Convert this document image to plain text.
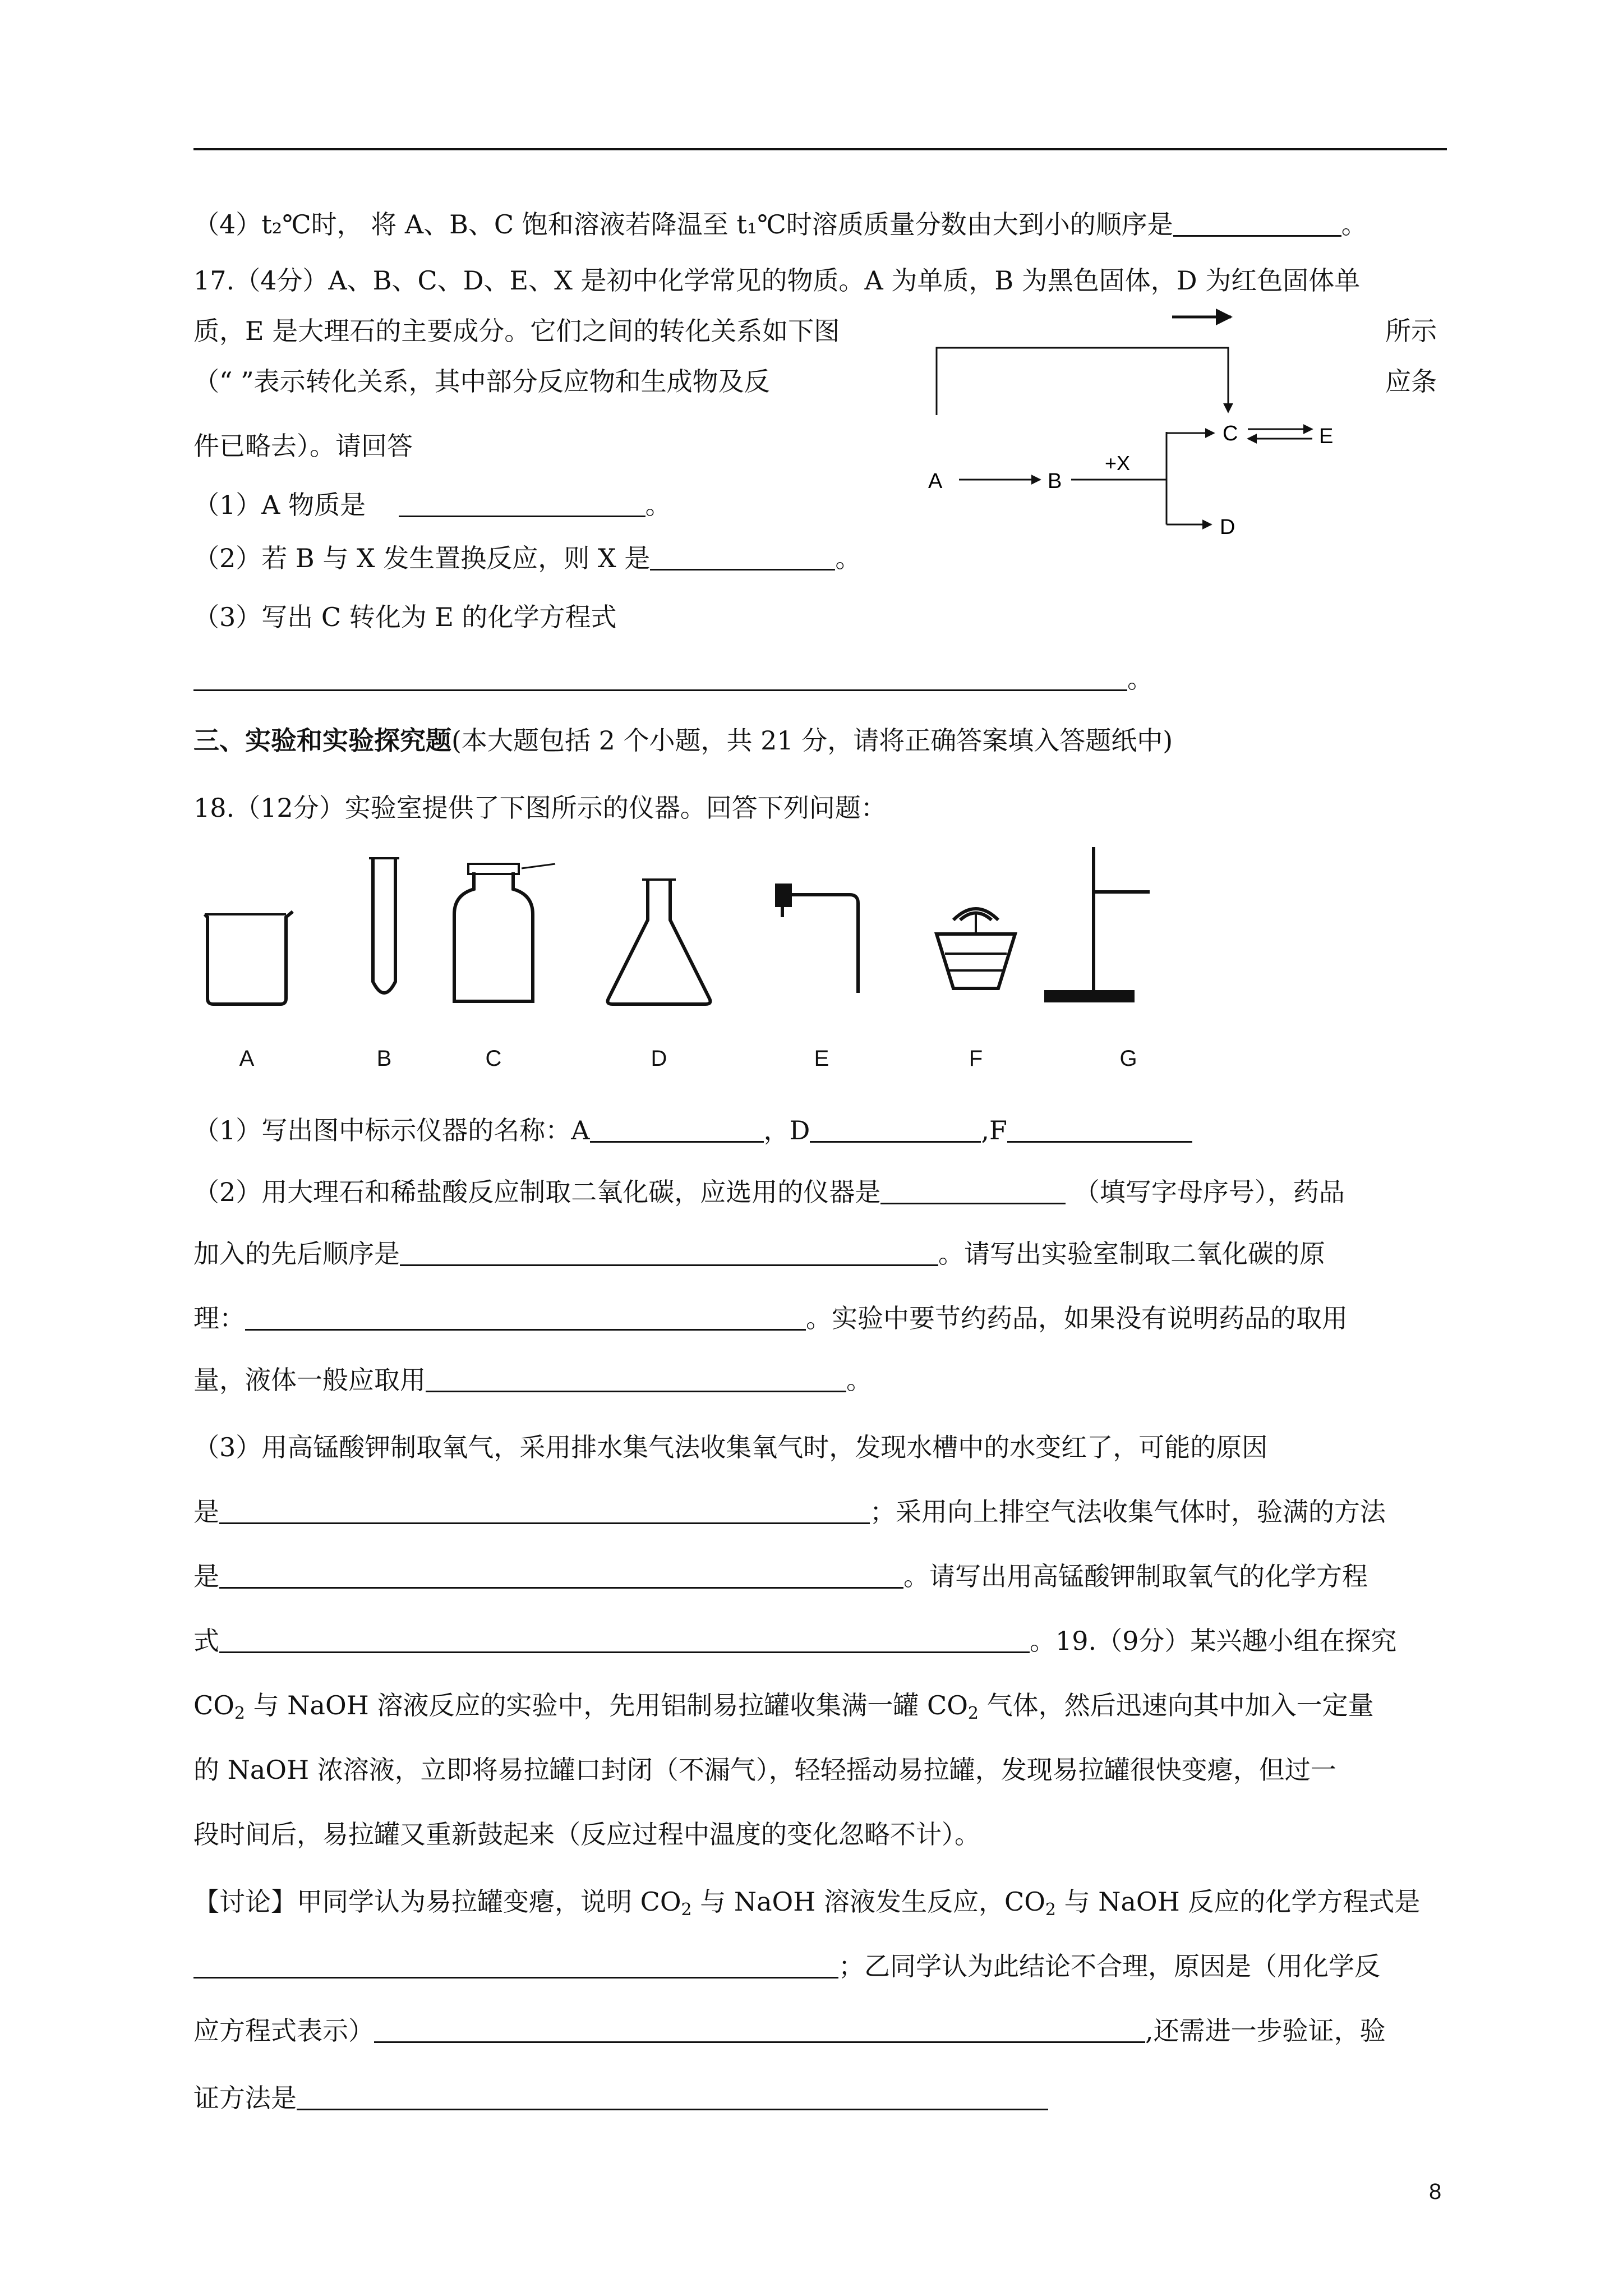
（4）t₂℃时， 将 A、B、C 饱和溶液若降温至 t₁℃时溶质质量分数由大到小的顺序是	。
17.（4分）A、B、C、D、E、X 是初中化学常见的物质。A 为单质，B 为黑色固体，D 为红色固体单
质，E 是大理石的主要成分。它们之间的转化关系如下图	所示
（“ ”表示转化关系，其中部分反应物和生成物及反	应条
件已略去）。请回答
（1）A 物质是	。
（2）若 B 与 X 发生置换反应，则 X 是	。
（3）写出 C 转化为 E 的化学方程式
。
A	B
+X
C	E
D
三、实验和实验探究题(本大题包括 2 个小题，共 21 分，请将正确答案填入答题纸中)
18.（12分）实验室提供了下图所示的仪器。回答下列问题：
A	B	C	D	E	F	G
（1）写出图中标示仪器的名称：A	，D	,F
（2）用大理石和稀盐酸反应制取二氧化碳，应选用的仪器是	（填写字母序号），药品
加入的先后顺序是	。请写出实验室制取二氧化碳的原
理：	。实验中要节约药品，如果没有说明药品的取用
量，液体一般应取用	。
（3）用高锰酸钾制取氧气，采用排水集气法收集氧气时，发现水槽中的水变红了，可能的原因
是	；采用向上排空气法收集气体时，验满的方法
是	。请写出用高锰酸钾制取氧气的化学方程
式	。19.（9分）某兴趣小组在探究
$CO_2$ 与 NaOH 溶液反应的实验中，先用铝制易拉罐收集满一罐 $CO_2$ 气体，然后迅速向其中加入一定量
的 NaOH 浓溶液，立即将易拉罐口封闭（不漏气），轻轻摇动易拉罐，发现易拉罐很快变瘪，但过一
段时间后，易拉罐又重新鼓起来（反应过程中温度的变化忽略不计）。
【讨论】甲同学认为易拉罐变瘪，说明 $CO_2$ 与 NaOH 溶液发生反应，$CO_2$ 与 NaOH 反应的化学方程式是
；乙同学认为此结论不合理，原因是（用化学反
应方程式表示）	,还需进一步验证，验
证方法是
8
